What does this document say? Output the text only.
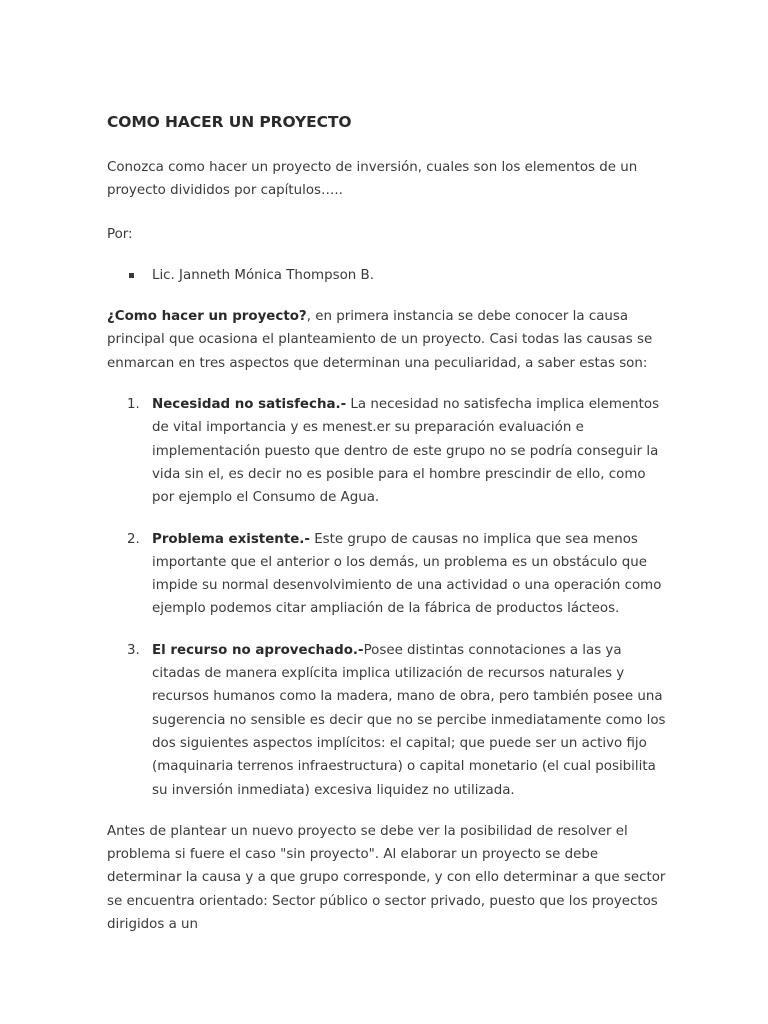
COMO HACER UN PROYECTO

Conozca como hacer un proyecto de inversión, cuales son los elementos de un proyecto divididos por capítulos…..

Por:

Lic. Janneth Mónica Thompson B.

¿Como hacer un proyecto?, en primera instancia se debe conocer la causa principal que ocasiona el planteamiento de un proyecto. Casi todas las causas se enmarcan en tres aspectos que determinan una peculiaridad, a saber estas son:

1. Necesidad no satisfecha.- La necesidad no satisfecha implica elementos de vital importancia y es menest.er su preparación evaluación e implementación puesto que dentro de este grupo no se podría conseguir la vida sin el, es decir no es posible para el hombre prescindir de ello, como por ejemplo el Consumo de Agua.
2. Problema existente.- Este grupo de causas no implica que sea menos importante que el anterior o los demás, un problema es un obstáculo que impide su normal desenvolvimiento de una actividad o una operación como ejemplo podemos citar ampliación de la fábrica de productos lácteos.
3. El recurso no aprovechado.-Posee distintas connotaciones a las ya citadas de manera explícita implica utilización de recursos naturales y recursos humanos como la madera, mano de obra, pero también posee una sugerencia no sensible es decir que no se percibe inmediatamente como los dos siguientes aspectos implícitos: el capital; que puede ser un activo fijo (maquinaria terrenos infraestructura) o capital monetario (el cual posibilita su inversión inmediata) excesiva liquidez no utilizada.

Antes de plantear un nuevo proyecto se debe ver la posibilidad de resolver el problema si fuere el caso "sin proyecto". Al elaborar un proyecto se debe determinar la causa y a que grupo corresponde, y con ello determinar a que sector se encuentra orientado: Sector público o sector privado, puesto que los proyectos dirigidos a un
